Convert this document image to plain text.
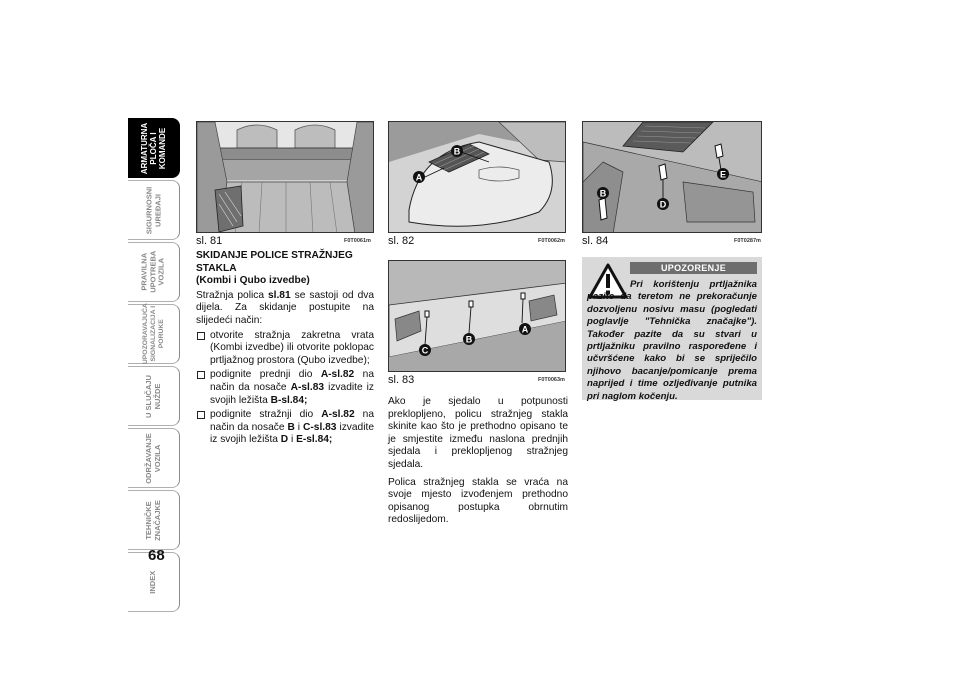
ARMATURNA
PLOČA I
KOMANDE
SIGURNOSNI
UREĐAJI
PRAVILNA
UPOTREBA
VOZILA
UPOZORAVAJUĆA
SIGNALIZACIJA I
PORUKE
U SLUČAJU
NUŽDE
ODRŽAVANJE
VOZILA
TEHNIČKE
ZNAČAJKE
INDEX
68
sl. 81	F0T0061m
A
B
sl. 82	F0T0062m
C
B
A
sl. 83	F0T0063m
B
D
E
sl. 84	F0T0287m
SKIDANJE POLICE STRAŽNJEG STAKLA
(Kombi i Qubo izvedbe)
Stražnja polica sl.81 se sastoji od dva dijela. Za skidanje postupite na slijedeći način:
otvorite stražnja zakretna vrata (Kombi izvedbe) ili otvorite poklopac prtljažnog prostora (Qubo izvedbe);
podignite prednji dio A-sl.82 na način da nosače A-sl.83 izvadite iz svojih ležišta B-sl.84;
podignite stražnji dio A-sl.82 na način da nosače B i C-sl.83 izvadite iz svojih ležišta D i E-sl.84;
Ako je sjedalo u potpunosti preklopljeno, policu stražnjeg stakla skinite kao što je prethodno opisano te je smjestite između naslona prednjih sjedala i preklopljenog stražnjeg sjedala.
Polica stražnjeg stakla se vraća na svoje mjesto izvođenjem prethodno opisanog postupka obrnutim redoslijedom.
UPOZORENJE
Pri korištenju prtljažnika pazite da teretom ne prekoračunje dozvoljenu nosivu masu (pogledati poglavlje "Tehnička značajke"). Također pazite da su stvari u prtljažniku pravilno raspoređene i učvršćene kako bi se spriječilo njihovo bacanje/pomicanje prema naprijed i time ozljeđivanje putnika pri naglom kočenju.
